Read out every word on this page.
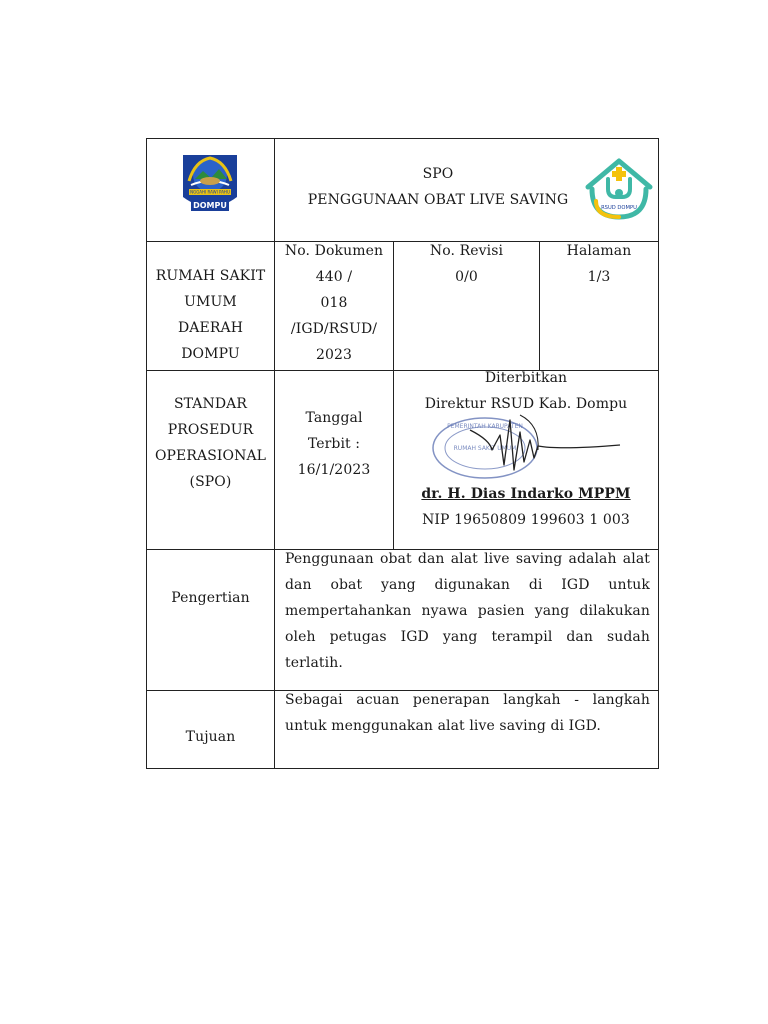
NGGAHI RAWI PAHU
DOMPU
SPO
PENGGUNAAN OBAT LIVE SAVING	RSUD DOMPU
RUMAH SAKIT
UMUM
DAERAH
DOMPU
No. Dokumen
440 /
018
/IGD/RSUD/
2023
No. Revisi
0/0
Halaman
1/3
STANDAR
PROSEDUR
OPERASIONAL
(SPO)
Tanggal
Terbit :
16/1/2023
Diterbitkan
Direktur RSUD Kab. Dompu
dr. H. Dias Indarko MPPM
NIP 19650809 199603 1 003
PEMERINTAH KABUPATEN
RUMAH SAKIT UMUM
Pengertian
Penggunaan obat dan alat live saving adalah alat dan obat yang digunakan di IGD untuk mempertahankan nyawa pasien yang dilakukan oleh petugas IGD yang terampil dan sudah terlatih.
Tujuan
Sebagai acuan penerapan langkah - langkah untuk menggunakan alat live saving di IGD.
